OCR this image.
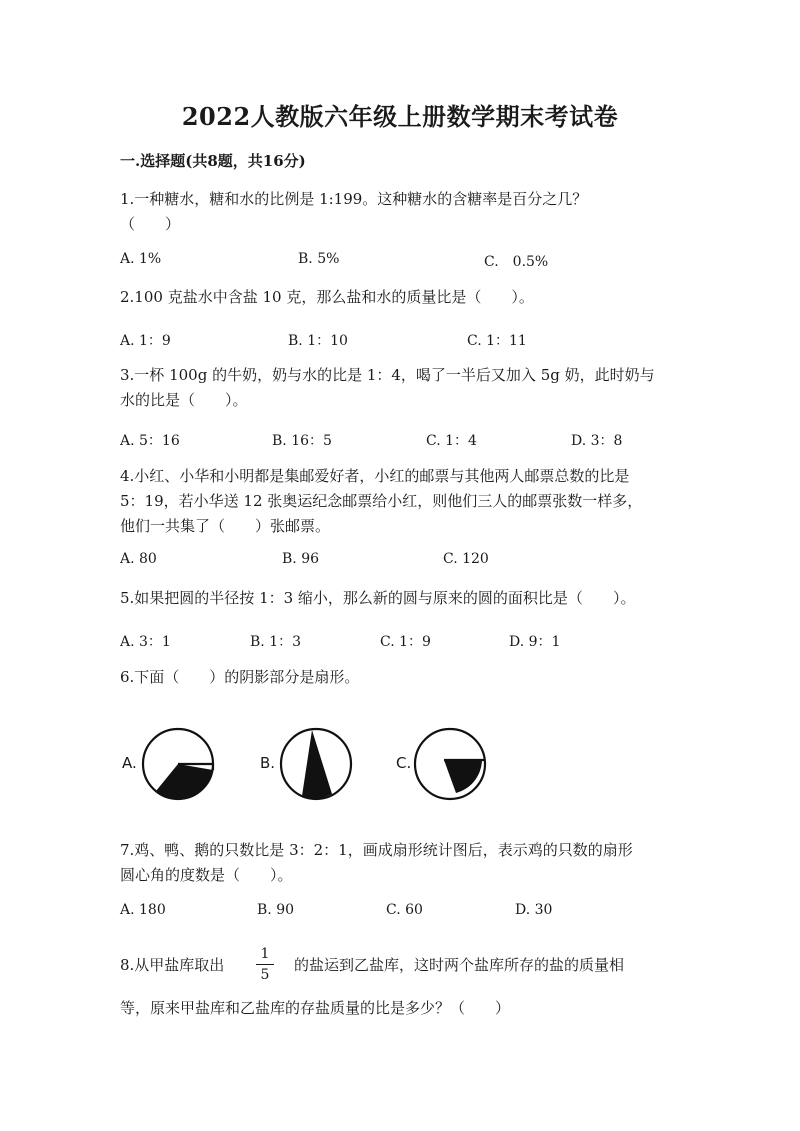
2022人教版六年级上册数学期末考试卷
一.选择题(共8题，共16分)
1.一种糖水，糖和水的比例是 1:199。这种糖水的含糖率是百分之几？
（　　）
A. 1%	B. 5%	C.　0.5%
2.100 克盐水中含盐 10 克，那么盐和水的质量比是（　　）。
A. 1：9	B. 1：10	C. 1：11
3.一杯 100g 的牛奶，奶与水的比是 1：4，喝了一半后又加入 5g 奶，此时奶与
水的比是（　　）。
A. 5：16	B. 16：5	C. 1：4	D. 3：8
4.小红、小华和小明都是集邮爱好者，小红的邮票与其他两人邮票总数的比是
5：19，若小华送 12 张奥运纪念邮票给小红，则他们三人的邮票张数一样多，
他们一共集了（　　）张邮票。
A. 80	B. 96	C. 120
5.如果把圆的半径按 1：3 缩小，那么新的圆与原来的圆的面积比是（　　）。
A. 3：1	B. 1：3	C. 1：9	D. 9：1
6.下面（　　）的阴影部分是扇形。
A.	B.	C.
7.鸡、鸭、鹅的只数比是 3：2：1，画成扇形统计图后，表示鸡的只数的扇形
圆心角的度数是（　　）。
A. 180	B. 90	C. 60	D. 30
8.从甲盐库取出 $\frac{1}{5}$ 的盐运到乙盐库，这时两个盐库所存的盐的质量相
等，原来甲盐库和乙盐库的存盐质量的比是多少？（　　）
